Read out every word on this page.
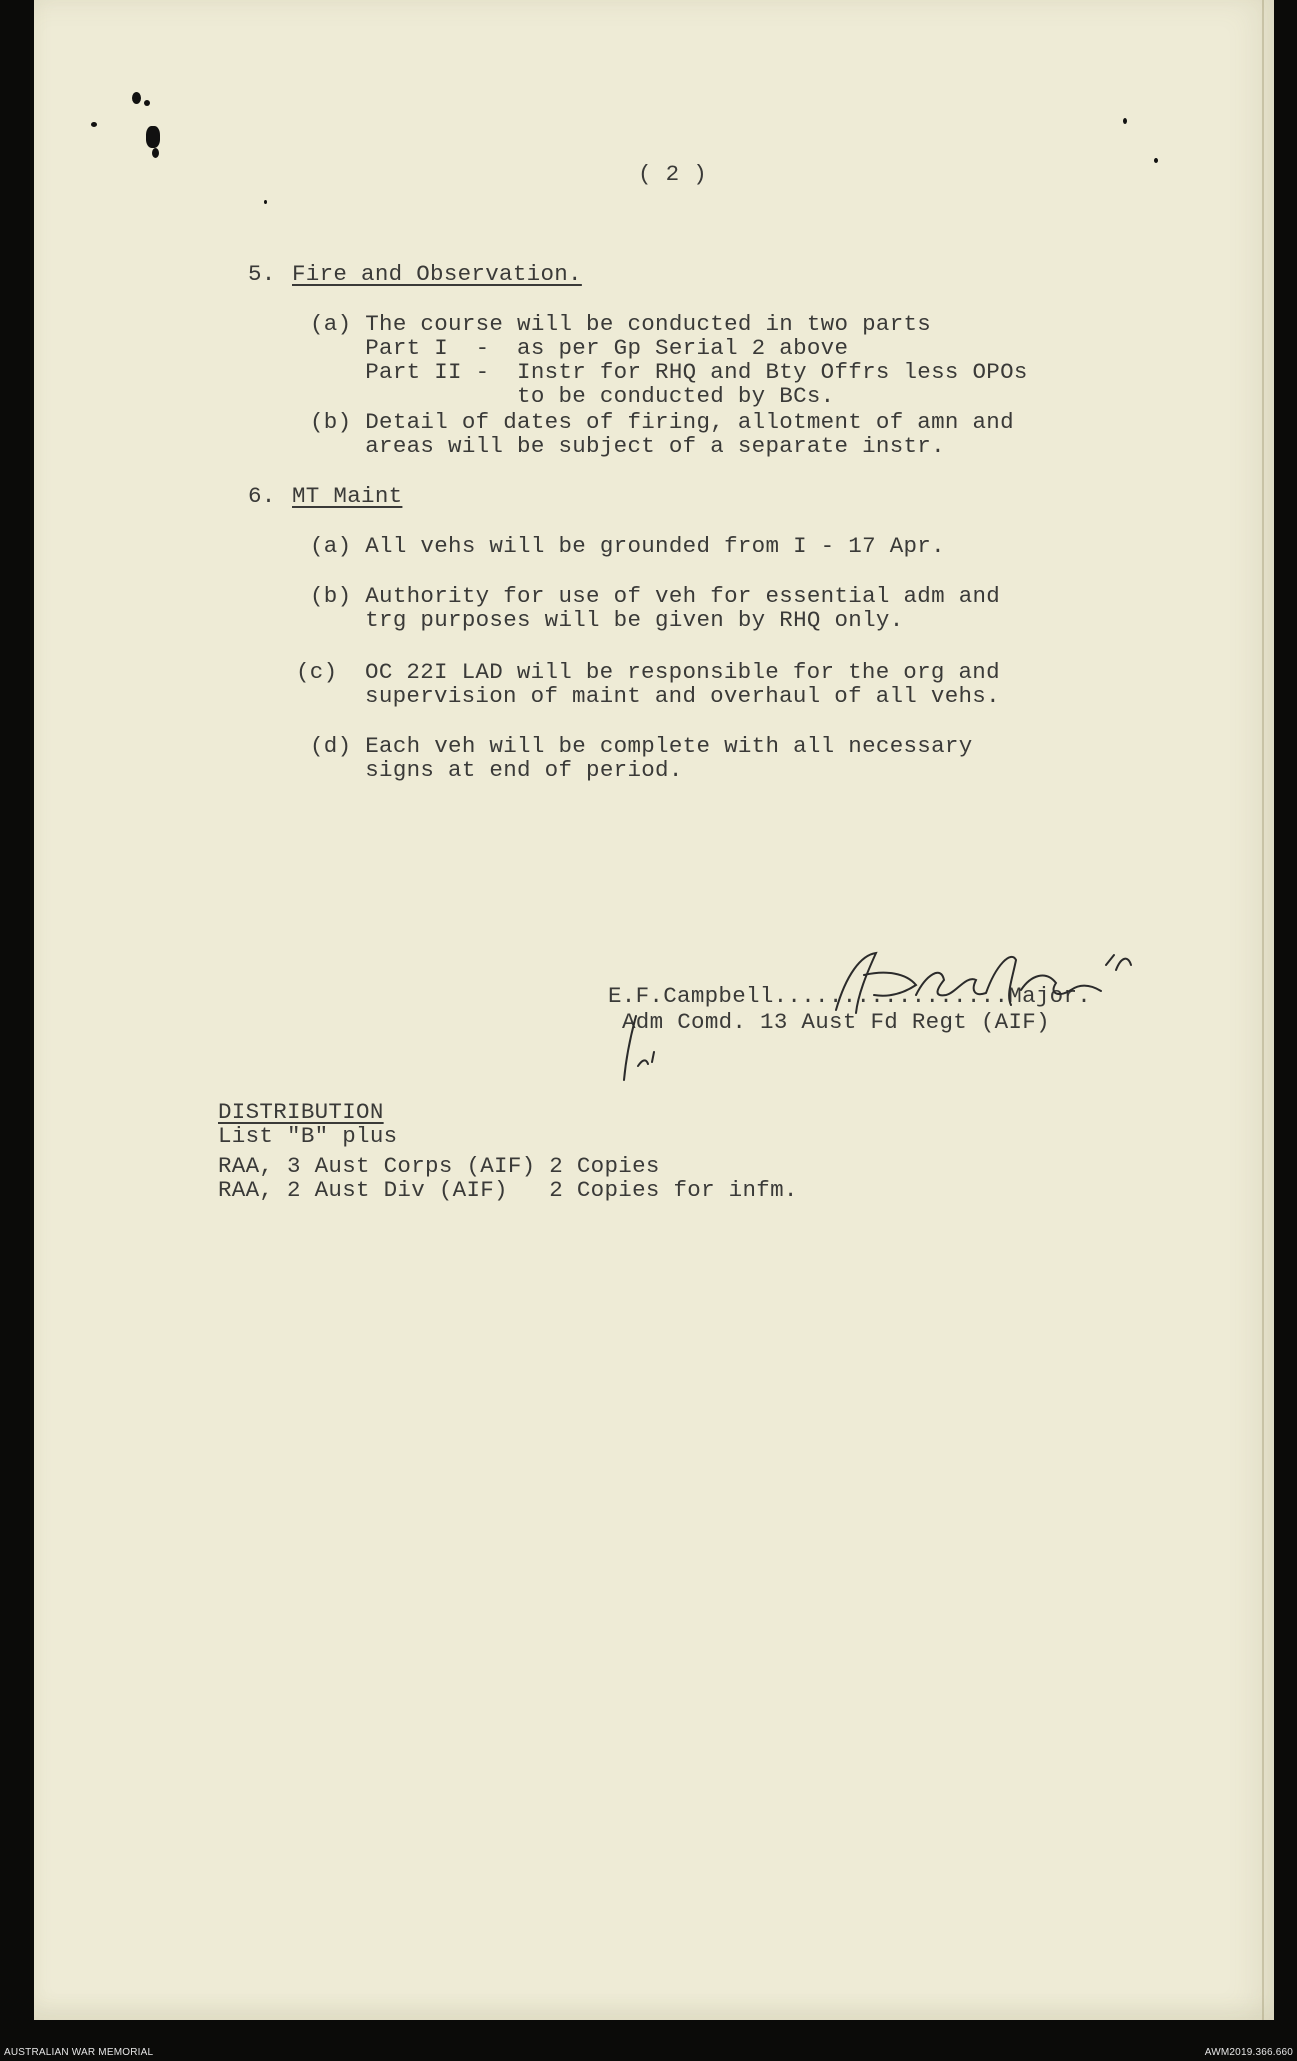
( 2 )

5. Fire and Observation.

(a) The course will be conducted in two parts

Part I  -  as per Gp Serial 2 above

Part II -  Instr for RHQ and Bty Offrs less OPOs

to be conducted by BCs.

(b) Detail of dates of firing, allotment of amn and

areas will be subject of a separate instr.

6. MT Maint

(a) All vehs will be grounded from I - 17 Apr.

(b) Authority for use of veh for essential adm and

trg purposes will be given by RHQ only.

(c)  OC 22I LAD will be responsible for the org and

supervision of maint and overhaul of all vehs.

(d) Each veh will be complete with all necessary

signs at end of period.

E.F.Campbell.................Major.

Adm Comd. 13 Aust Fd Regt (AIF)

DISTRIBUTION

List "B" plus

RAA, 3 Aust Corps (AIF) 2 Copies

RAA, 2 Aust Div (AIF)   2 Copies for infm.

AUSTRALIAN WAR MEMORIAL	AWM2019.366.660
